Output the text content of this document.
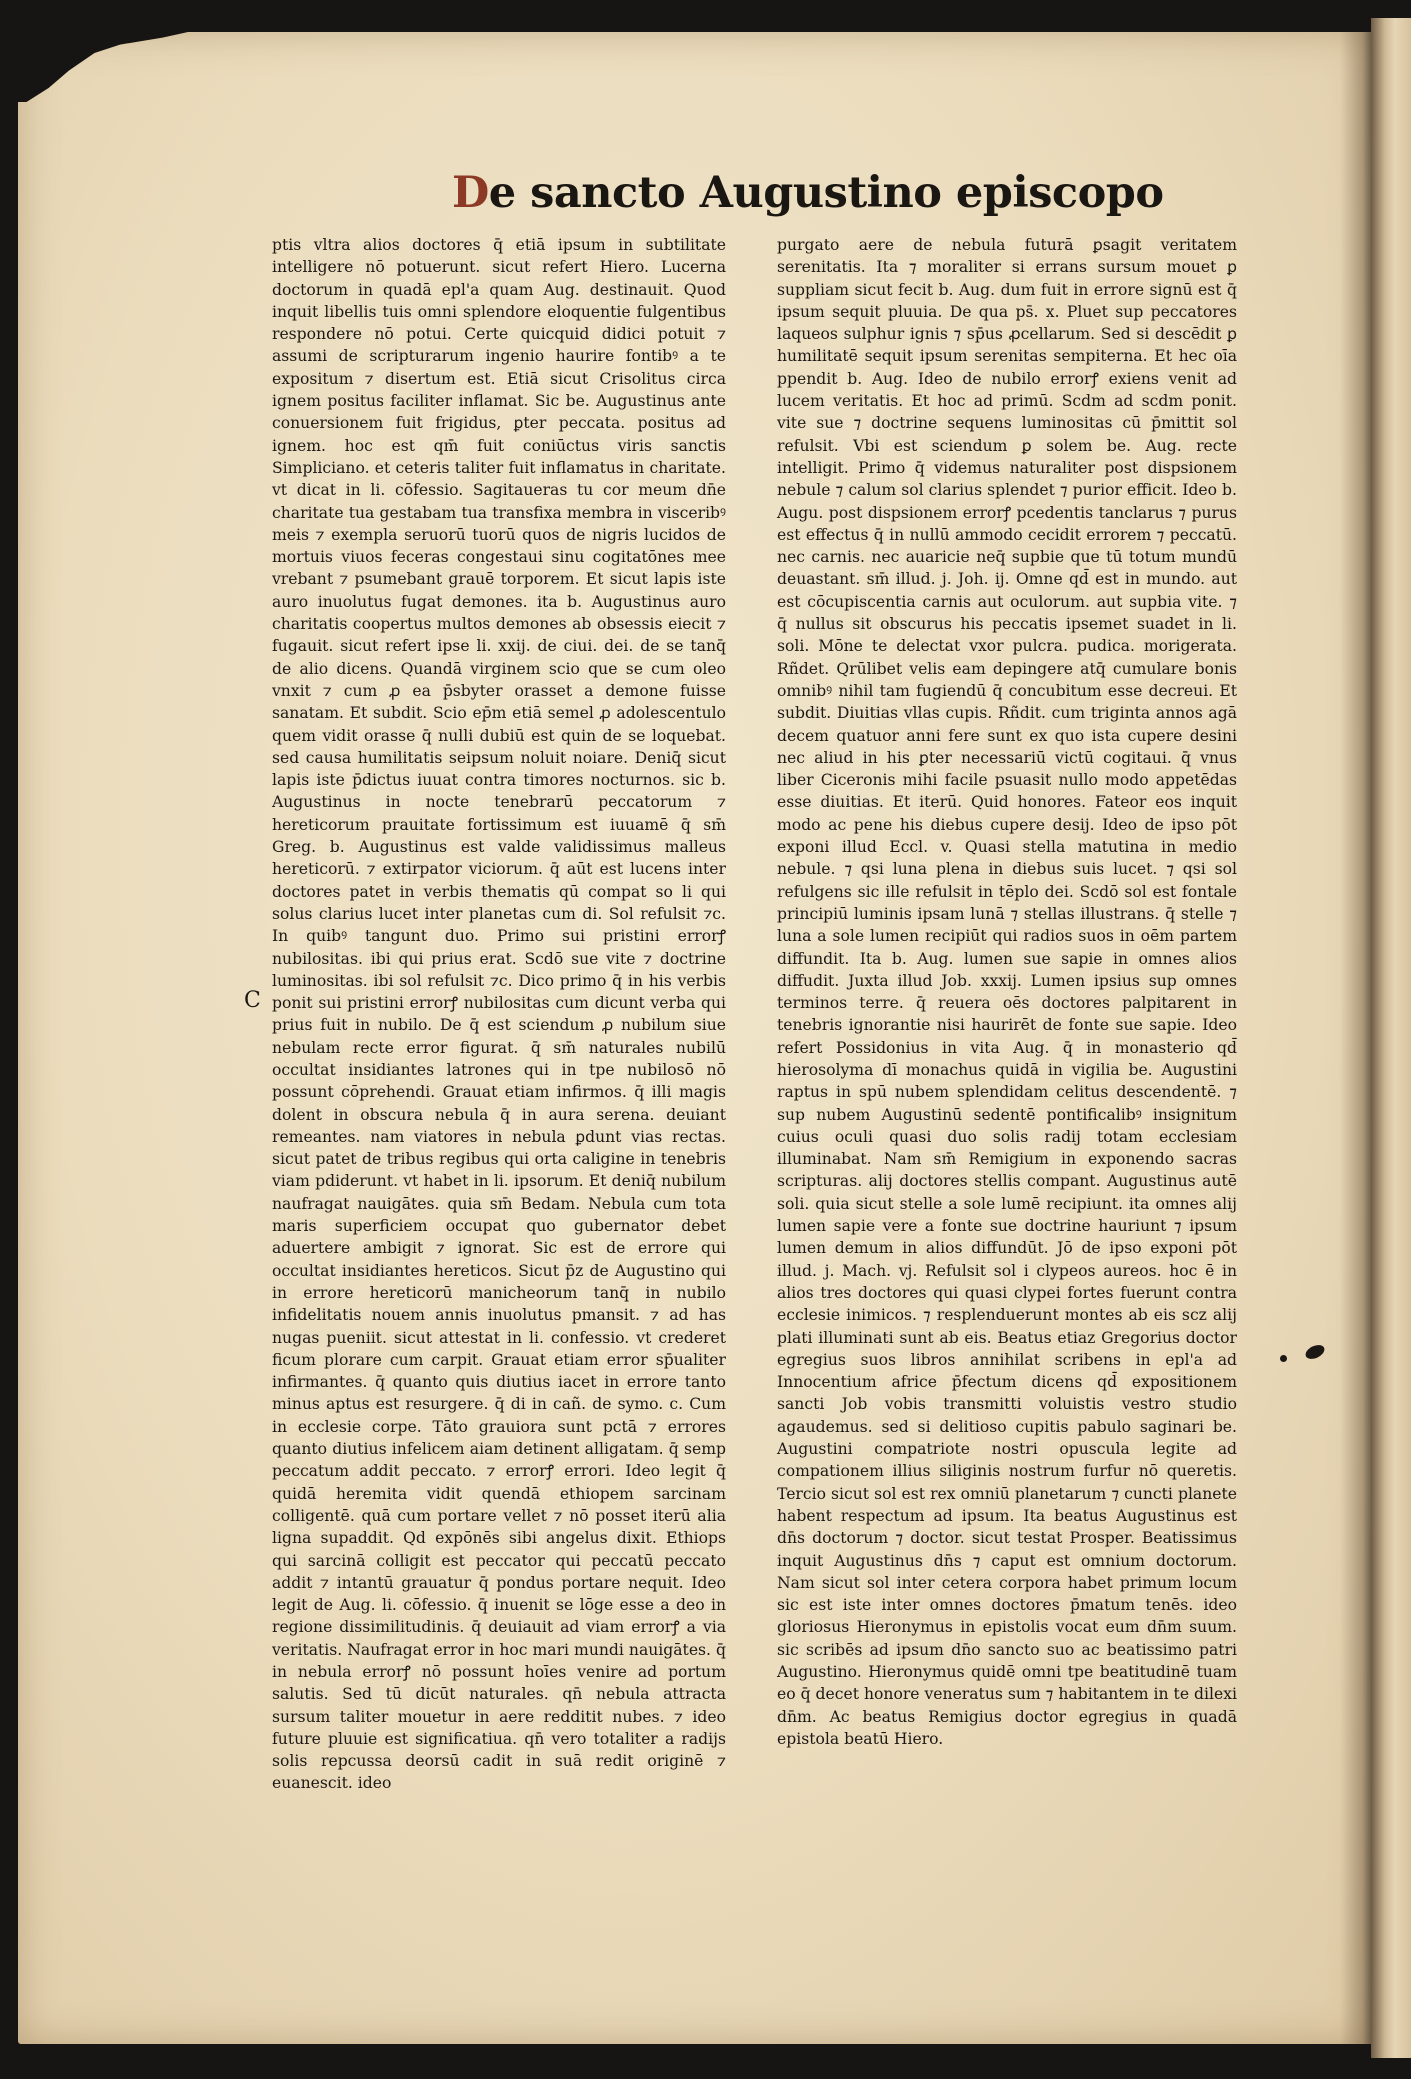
De sancto Augustino episcopo

ptis vltra alios doctores q̄ etiā ipsum in subtilitate intelligere nō potuerunt. sicut refert Hiero. Lucerna doctorum in quadā epl'a quam Aug. destinauit. Quod inquit libellis tuis omni splendore eloquentie fulgentibus respondere nō potui. Certe quicquid didici potuit ⁊ assumi de scripturarum ingenio haurire fontibꝰ a te expositum ⁊ disertum est. Etiā sicut Crisolitus circa ignem positus faciliter inflamat. Sic be. Augustinus ante conuersionem fuit frigidus, ꝑter peccata. positus ad ignem. hoc est qm̄ fuit coniūctus viris sanctis Simpliciano. et ceteris taliter fuit inflamatus in charitate. vt dicat in li. cōfessio. Sagitaueras tu cor meum dn̄e charitate tua gestabam tua transfixa membra in visceribꝰ meis ⁊ exempla seruorū tuorū quos de nigris lucidos de mortuis viuos feceras congestaui sinu cogitatōnes mee vrebant ⁊ psumebant grauē torporem. Et sicut lapis iste auro inuolutus fugat demones. ita b. Augustinus auro charitatis coopertus multos demones ab obsessis eiecit ⁊ fugauit. sicut refert ipse li. xxij. de ciui. dei. de se tanq̄ de alio dicens. Quandā virginem scio que se cum oleo vnxit ⁊ cum ꝓ ea p̄sbyter orasset a demone fuisse sanatam. Et subdit. Scio ep̄m etiā semel ꝓ adolescentulo quem vidit orasse q̄ nulli dubiū est quin de se loquebat. sed causa humilitatis seipsum noluit noiare. Deniq̄ sicut lapis iste p̄dictus iuuat contra timores nocturnos. sic b. Augustinus in nocte tenebrarū peccatorum ⁊ hereticorum prauitate fortissimum est iuuamē q̄ sm̄ Greg. b. Augustinus est valde validissimus malleus hereticorū. ⁊ extirpator viciorum. q̄ aūt est lucens inter doctores patet in verbis thematis qū compat so li qui solus clarius lucet inter planetas cum di. Sol refulsit ⁊c. In quibꝰ tangunt duo. Primo sui pristini errorꝭ nubilositas. ibi qui prius erat. Scdō sue vite ⁊ doctrine luminositas. ibi sol refulsit ⁊c. Dico primo q̄ in his verbis ponit sui pristini errorꝭ nubilositas cum dicunt verba qui prius fuit in nubilo. De q̄ est sciendum ꝓ nubilum siue nebulam recte error figurat. q̄ sm̄ naturales nubilū occultat insidiantes latrones qui in tpe nubilosō nō possunt cōprehendi. Grauat etiam infirmos. q̄ illi magis dolent in obscura nebula q̄ in aura serena. deuiant remeantes. nam viatores in nebula ꝑdunt vias rectas. sicut patet de tribus regibus qui orta caligine in tenebris viam pdiderunt. vt habet in li. ipsorum. Et deniq̄ nubilum naufragat nauigātes. quia sm̄ Bedam. Nebula cum tota maris superficiem occupat quo gubernator debet aduertere ambigit ⁊ ignorat. Sic est de errore qui occultat insidiantes hereticos. Sicut p̄z de Augustino qui in errore hereticorū manicheorum tanq̄ in nubilo infidelitatis nouem annis inuolutus pmansit. ⁊ ad has nugas pueniit. sicut attestat in li. confessio. vt crederet ficum plorare cum carpit. Grauat etiam error sp̄ualiter infirmantes. q̄ quanto quis diutius iacet in errore tanto minus aptus est resurgere. q̄ di in cañ. de symo. c. Cum in ecclesie corpe. Tāto grauiora sunt pctā ⁊ errores quanto diutius infelicem aiam detinent alligatam. q̄ semp peccatum addit peccato. ⁊ errorꝭ errori. Ideo legit q̄ quidā heremita vidit quendā ethiopem sarcinam colligentē. quā cum portare vellet ⁊ nō posset iterū alia ligna supaddit. Qd expōnēs sibi angelus dixit. Ethiops qui sarcinā colligit est peccator qui peccatū peccato addit ⁊ intantū grauatur q̄ pondus portare nequit. Ideo legit de Aug. li. cōfessio. q̄ inuenit se lōge esse a deo in regione dissimilitudinis. q̄ deuiauit ad viam errorꝭ a via veritatis. Naufragat error in hoc mari mundi nauigātes. q̄ in nebula errorꝭ nō possunt hoīes venire ad portum salutis. Sed tū dicūt naturales. qn̄ nebula attracta sursum taliter mouetur in aere redditit nubes. ⁊ ideo future pluuie est significatiua. qn̄ vero totaliter a radijs solis repcussa deorsū cadit in suā redit originē ⁊ euanescit. ideo

purgato aere de nebula futurā ꝑsagit veritatem serenitatis. Ita ⁊ moraliter si errans sursum mouet ꝑ suppliam sicut fecit b. Aug. dum fuit in errore signū est q̄ ipsum sequit pluuia. De qua ps̄. x. Pluet sup peccatores laqueos sulphur ignis ⁊ sp̄us ꝓcellarum. Sed si descēdit ꝑ humilitatē sequit ipsum serenitas sempiterna. Et hec oīa ppendit b. Aug. Ideo de nubilo errorꝭ exiens venit ad lucem veritatis. Et hoc ad primū. Scdm ad scdm ponit. vite sue ⁊ doctrine sequens luminositas cū p̄mittit sol refulsit. Vbi est sciendum ꝑ solem be. Aug. recte intelligit. Primo q̄ videmus naturaliter post dispsionem nebule ⁊ calum sol clarius splendet ⁊ purior efficit. Ideo b. Augu. post dispsionem errorꝭ pcedentis tanclarus ⁊ purus est effectus q̄ in nullū ammodo cecidit errorem ⁊ peccatū. nec carnis. nec auaricie neq̄ supbie que tū totum mundū deuastant. sm̄ illud. j. Joh. ij. Omne qd̄ est in mundo. aut est cōcupiscentia carnis aut oculorum. aut supbia vite. ⁊ q̄ nullus sit obscurus his peccatis ipsemet suadet in li. soli. Mōne te delectat vxor pulcra. pudica. morigerata. Rñdet. Qrūlibet velis eam depingere atq̄ cumulare bonis omnibꝰ nihil tam fugiendū q̄ concubitum esse decreui. Et subdit. Diuitias vllas cupis. Rñdit. cum triginta annos agā decem quatuor anni fere sunt ex quo ista cupere desini nec aliud in his ꝑter necessariū victū cogitaui. q̄ vnus liber Ciceronis mihi facile psuasit nullo modo appetēdas esse diuitias. Et iterū. Quid honores. Fateor eos inquit modo ac pene his diebus cupere desij. Ideo de ipso pōt exponi illud Eccl. v. Quasi stella matutina in medio nebule. ⁊ qsi luna plena in diebus suis lucet. ⁊ qsi sol refulgens sic ille refulsit in tēplo dei. Scdō sol est fontale principiū luminis ipsam lunā ⁊ stellas illustrans. q̄ stelle ⁊ luna a sole lumen recipiūt qui radios suos in oēm partem diffundit. Ita b. Aug. lumen sue sapie in omnes alios diffudit. Juxta illud Job. xxxij. Lumen ipsius sup omnes terminos terre. q̄ reuera oēs doctores palpitarent in tenebris ignorantie nisi haurirēt de fonte sue sapie. Ideo refert Possidonius in vita Aug. q̄ in monasterio qd̄ hierosolyma dī monachus quidā in vigilia be. Augustini raptus in spū nubem splendidam celitus descendentē. ⁊ sup nubem Augustinū sedentē pontificalibꝰ insignitum cuius oculi quasi duo solis radij totam ecclesiam illuminabat. Nam sm̄ Remigium in exponendo sacras scripturas. alij doctores stellis compant. Augustinus autē soli. quia sicut stelle a sole lumē recipiunt. ita omnes alij lumen sapie vere a fonte sue doctrine hauriunt ⁊ ipsum lumen demum in alios diffundūt. Jō de ipso exponi pōt illud. j. Mach. vj. Refulsit sol i clypeos aureos. hoc ē in alios tres doctores qui quasi clypei fortes fuerunt contra ecclesie inimicos. ⁊ resplenduerunt montes ab eis scz alij plati illuminati sunt ab eis. Beatus etiaz Gregorius doctor egregius suos libros annihilat scribens in epl'a ad Innocentium africe p̄fectum dicens qd̄ expositionem sancti Job vobis transmitti voluistis vestro studio agaudemus. sed si delitioso cupitis pabulo saginari be. Augustini compatriote nostri opuscula legite ad compationem illius siliginis nostrum furfur nō queretis. Tercio sicut sol est rex omniū planetarum ⁊ cuncti planete habent respectum ad ipsum. Ita beatus Augustinus est dn̄s doctorum ⁊ doctor. sicut testat Prosper. Beatissimus inquit Augustinus dn̄s ⁊ caput est omnium doctorum. Nam sicut sol inter cetera corpora habet primum locum sic est iste inter omnes doctores p̄matum tenēs. ideo gloriosus Hieronymus in epistolis vocat eum dn̄m suum. sic scribēs ad ipsum dn̄o sancto suo ac beatissimo patri Augustino. Hieronymus quidē omni tpe beatitudinē tuam eo q̄ decet honore veneratus sum ⁊ habitantem in te dilexi dn̄m. Ac beatus Remigius doctor egregius in quadā epistola beatū Hiero.

C
